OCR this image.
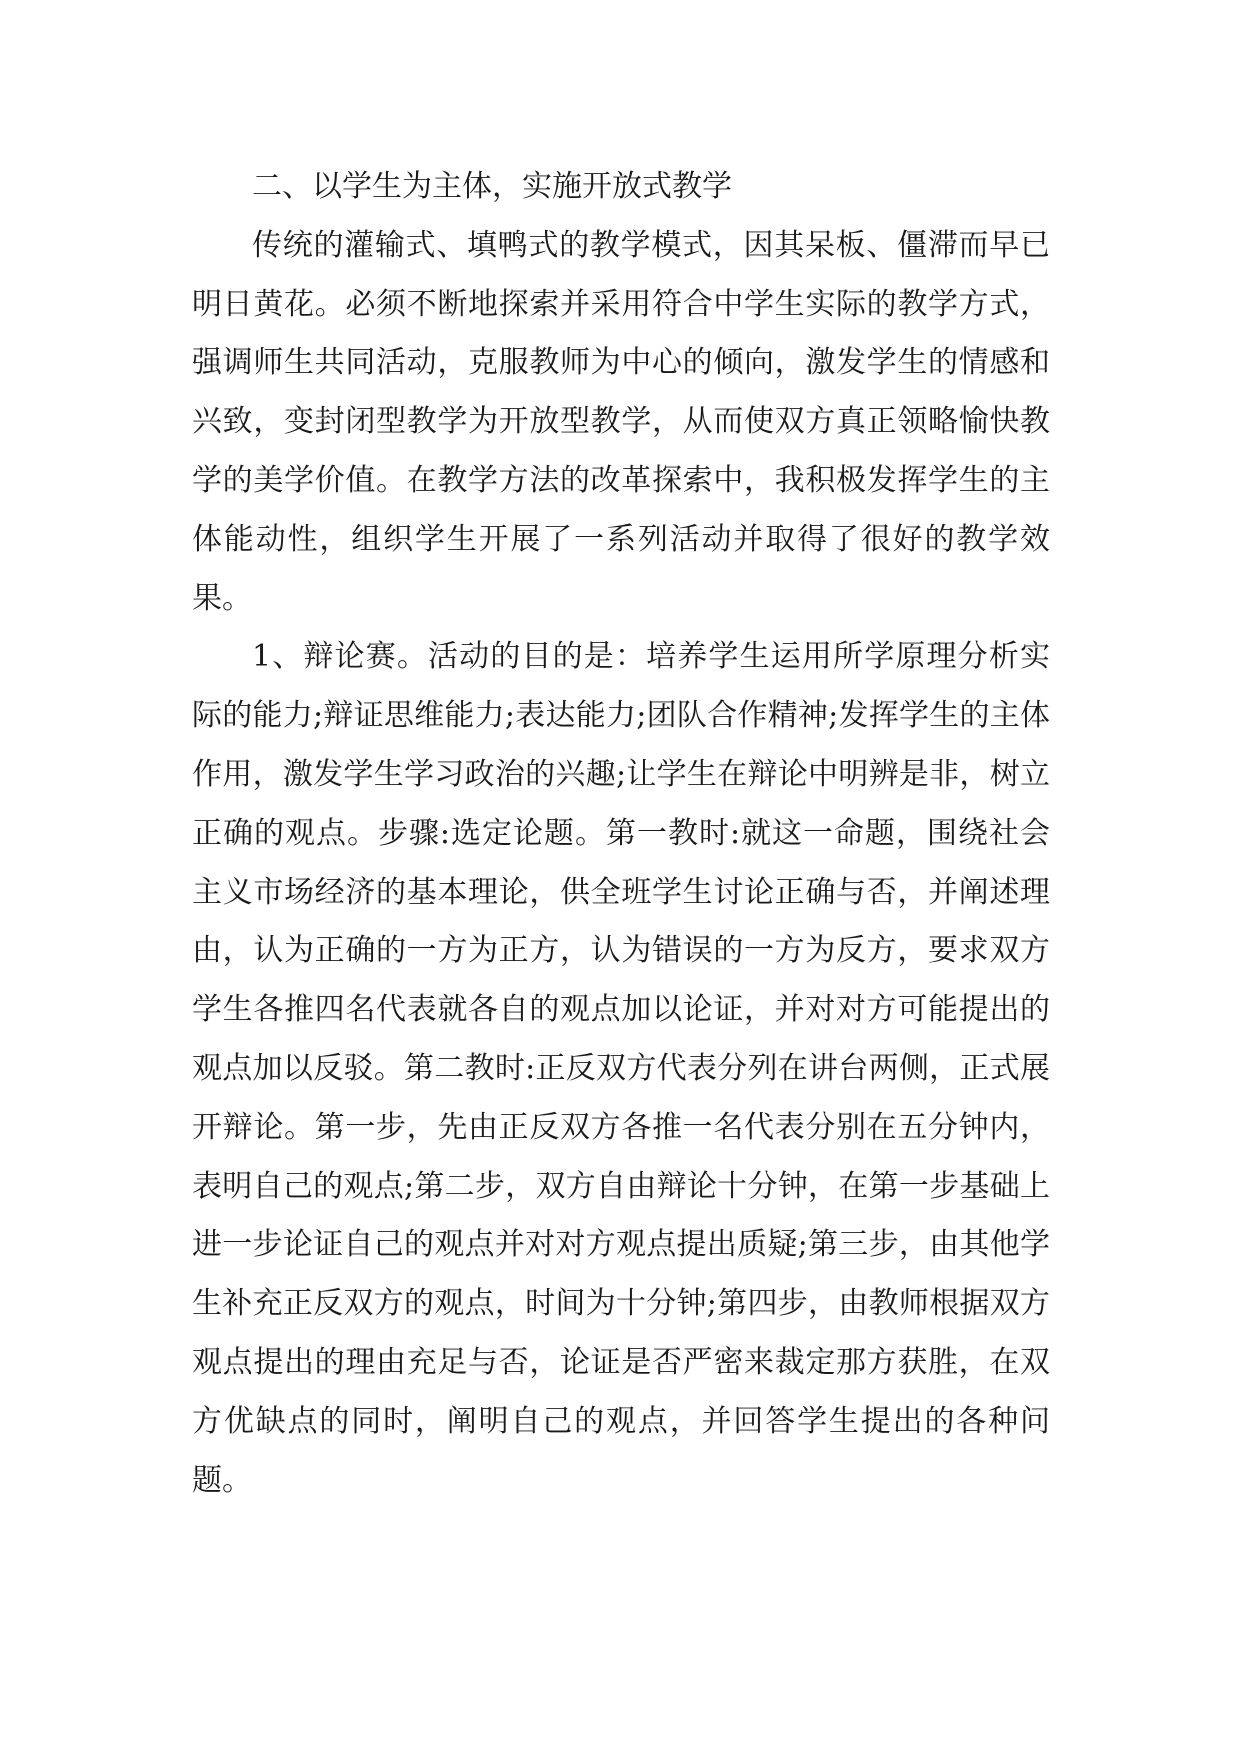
二、以学生为主体，实施开放式教学

传统的灌输式、填鸭式的教学模式，因其呆板、僵滞而早已明日黄花。必须不断地探索并采用符合中学生实际的教学方式，强调师生共同活动，克服教师为中心的倾向，激发学生的情感和兴致，变封闭型教学为开放型教学，从而使双方真正领略愉快教学的美学价值。在教学方法的改革探索中，我积极发挥学生的主体能动性，组织学生开展了一系列活动并取得了很好的教学效果。

1、辩论赛。活动的目的是：培养学生运用所学原理分析实际的能力;辩证思维能力;表达能力;团队合作精神;发挥学生的主体作用，激发学生学习政治的兴趣;让学生在辩论中明辨是非，树立正确的观点。步骤:选定论题。第一教时:就这一命题，围绕社会主义市场经济的基本理论，供全班学生讨论正确与否，并阐述理由，认为正确的一方为正方，认为错误的一方为反方，要求双方学生各推四名代表就各自的观点加以论证，并对对方可能提出的观点加以反驳。第二教时:正反双方代表分列在讲台两侧，正式展开辩论。第一步，先由正反双方各推一名代表分别在五分钟内，表明自己的观点;第二步，双方自由辩论十分钟，在第一步基础上进一步论证自己的观点并对对方观点提出质疑;第三步，由其他学生补充正反双方的观点，时间为十分钟;第四步，由教师根据双方观点提出的理由充足与否，论证是否严密来裁定那方获胜，在双方优缺点的同时，阐明自己的观点，并回答学生提出的各种问题。
